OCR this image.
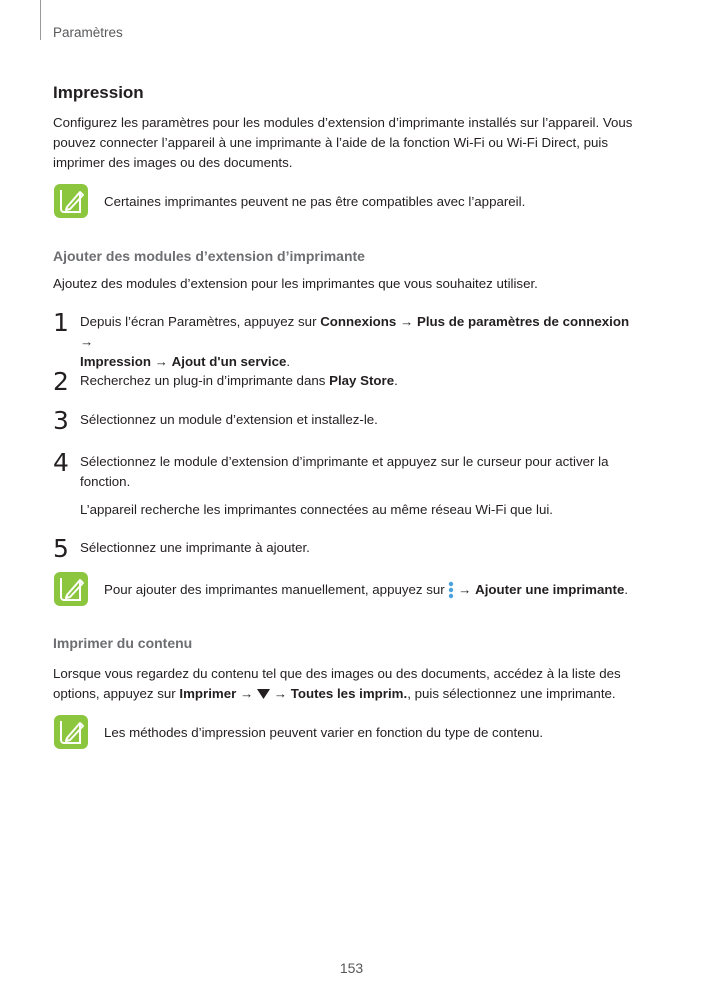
Paramètres
Impression
Configurez les paramètres pour les modules d’extension d’imprimante installés sur l’appareil. Vous
pouvez connecter l’appareil à une imprimante à l’aide de la fonction Wi-Fi ou Wi-Fi Direct, puis
imprimer des images ou des documents.
Certaines imprimantes peuvent ne pas être compatibles avec l’appareil.
Ajouter des modules d’extension d’imprimante
Ajoutez des modules d’extension pour les imprimantes que vous souhaitez utiliser.
1 Depuis l’écran Paramètres, appuyez sur Connexions → Plus de paramètres de connexion →
Impression → Ajout d'un service.
2 Recherchez un plug-in d’imprimante dans Play Store.
3 Sélectionnez un module d’extension et installez-le.
4 Sélectionnez le module d’extension d’imprimante et appuyez sur le curseur pour activer la
fonction.
L’appareil recherche les imprimantes connectées au même réseau Wi-Fi que lui.
5 Sélectionnez une imprimante à ajouter.
Pour ajouter des imprimantes manuellement, appuyez sur  → Ajouter une imprimante.
Imprimer du contenu
Lorsque vous regardez du contenu tel que des images ou des documents, accédez à la liste des
options, appuyez sur Imprimer →  → Toutes les imprim., puis sélectionnez une imprimante.
Les méthodes d’impression peuvent varier en fonction du type de contenu.
153
